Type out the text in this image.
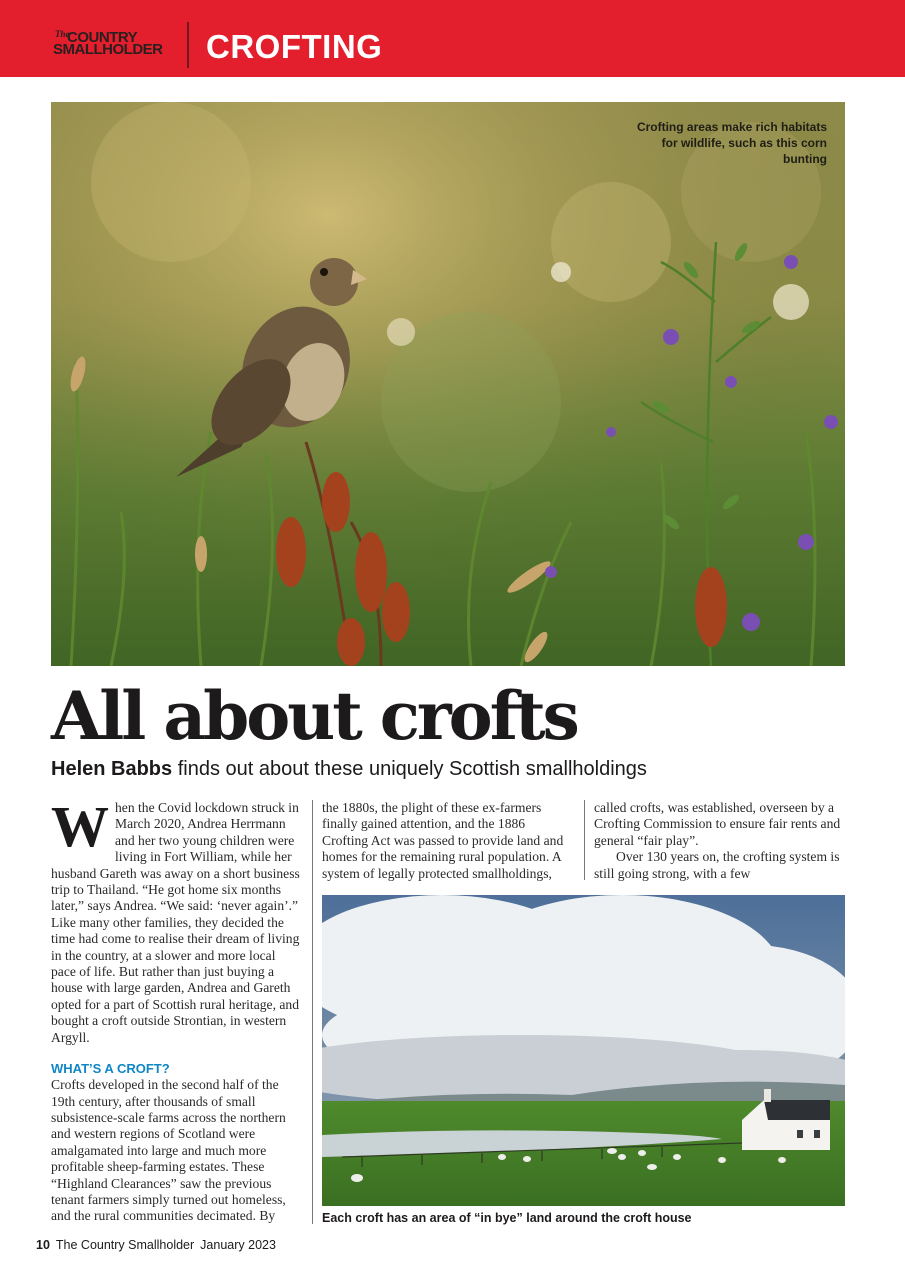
The
COUNTRY
SMALLHOLDER	CROFTING
Crofting areas make rich habitats for wildlife, such as this corn bunting
All about crofts
Helen Babbs finds out about these uniquely Scottish smallholdings

When the Covid lockdown struck in March 2020, Andrea Herrmann and her two young children were living in Fort William, while her husband Gareth was away on a short business trip to Thailand. “He got home six months later,” says Andrea. “We said: ‘never again’.” Like many other families, they decided the time had come to realise their dream of living in the country, at a slower and more local pace of life. But rather than just buying a house with large garden, Andrea and Gareth opted for a part of Scottish rural heritage, and bought a croft outside Strontian, in western Argyll.

WHAT’S A CROFT?

Crofts developed in the second half of the 19th century, after thousands of small subsistence-scale farms across the northern and western regions of Scotland were amalgamated into large and much more profitable sheep-farming estates. These “Highland Clearances” saw the previous tenant farmers simply turned out homeless, and the rural communities decimated. By

the 1880s, the plight of these ex-farmers finally gained attention, and the 1886 Crofting Act was passed to provide land and homes for the remaining rural population. A system of legally protected smallholdings,

called crofts, was established, overseen by a Crofting Commission to ensure fair rents and general “fair play”.

Over 130 years on, the crofting system is still going strong, with a few

Each croft has an area of “in bye” land around the croft house
10 The Country Smallholder January 2023
